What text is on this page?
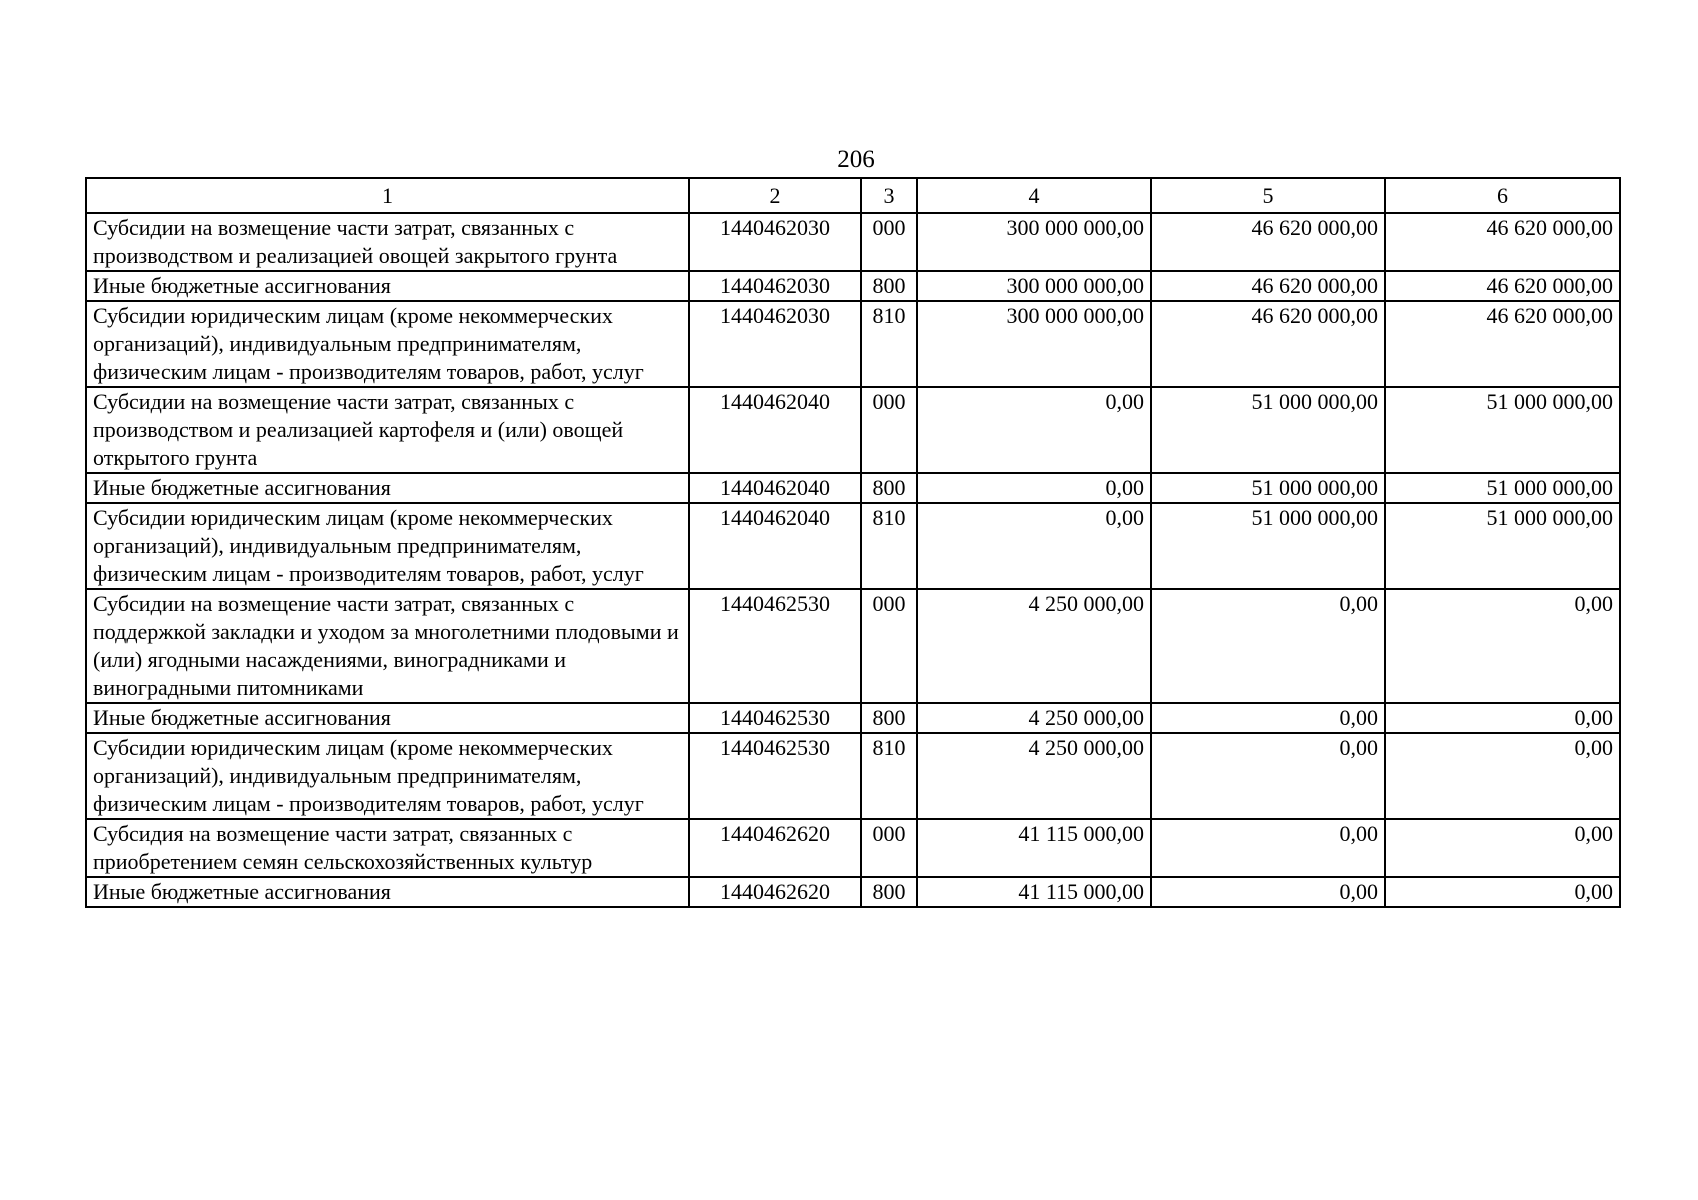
206
1	2	3	4	5	6
Субсидии на возмещение части затрат, связанных с производством и реализацией овощей закрытого грунта	1440462030	000	300 000 000,00	46 620 000,00	46 620 000,00
Иные бюджетные ассигнования	1440462030	800	300 000 000,00	46 620 000,00	46 620 000,00
Субсидии юридическим лицам (кроме некоммерческих организаций), индивидуальным предпринимателям, физическим лицам - производителям товаров, работ, услуг	1440462030	810	300 000 000,00	46 620 000,00	46 620 000,00
Субсидии на возмещение части затрат, связанных с производством и реализацией картофеля и (или) овощей открытого грунта	1440462040	000	0,00	51 000 000,00	51 000 000,00
Иные бюджетные ассигнования	1440462040	800	0,00	51 000 000,00	51 000 000,00
Субсидии юридическим лицам (кроме некоммерческих организаций), индивидуальным предпринимателям, физическим лицам - производителям товаров, работ, услуг	1440462040	810	0,00	51 000 000,00	51 000 000,00
Субсидии на возмещение части затрат, связанных с поддержкой закладки и уходом за многолетними плодовыми и (или) ягодными насаждениями, виноградниками и виноградными питомниками	1440462530	000	4 250 000,00	0,00	0,00
Иные бюджетные ассигнования	1440462530	800	4 250 000,00	0,00	0,00
Субсидии юридическим лицам (кроме некоммерческих организаций), индивидуальным предпринимателям, физическим лицам - производителям товаров, работ, услуг	1440462530	810	4 250 000,00	0,00	0,00
Субсидия на возмещение части затрат, связанных с приобретением семян сельскохозяйственных культур	1440462620	000	41 115 000,00	0,00	0,00
Иные бюджетные ассигнования	1440462620	800	41 115 000,00	0,00	0,00
